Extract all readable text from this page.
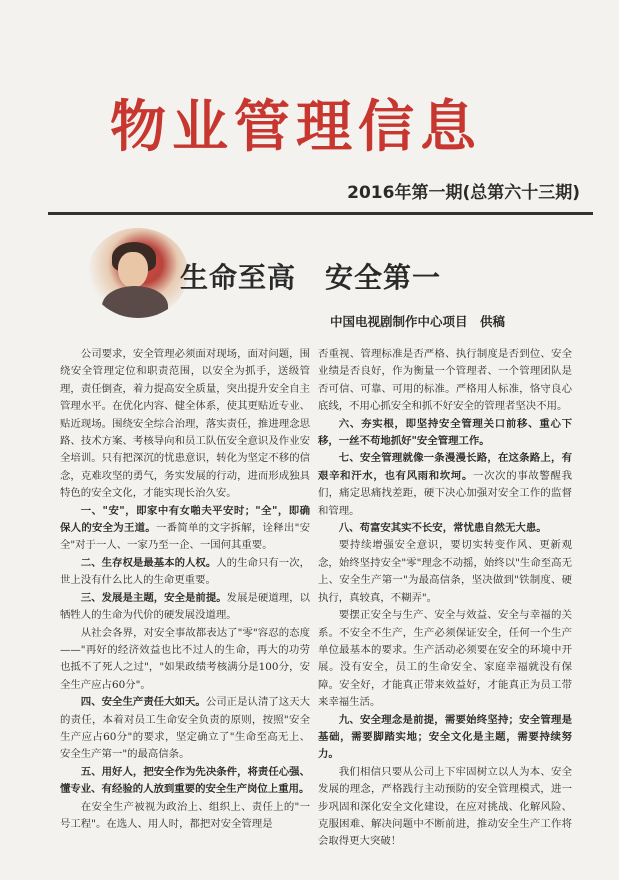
物业管理信息
2016年第一期(总第六十三期)
生命至高　安全第一
中国电视剧制作中心项目　供稿

公司要求，安全管理必须面对现场，面对问题，围绕安全管理定位和职责范围，以安全为抓手，送级管理，责任倒查，着力提高安全质量，突出提升安全自主管理水平。在优化内容、健全体系，使其更贴近专业、贴近现场。围绕安全综合治理，落实责任，推进理念思路、技术方案、考核导向和员工队伍安全意识及作业安全培训。只有把深沉的忧患意识，转化为坚定不移的信念，克难攻坚的勇气，务实发展的行动，进而形成独具特色的安全文化，才能实现长治久安。

一、"安"，即家中有女啪夫平安时；"全"，即确保人的安全为王道。一番简单的文字拆解，诠释出"安全"对于一人、一家乃至一企、一国何其重要。

二、生存权是最基本的人权。人的生命只有一次，世上没有什么比人的生命更重要。

三、发展是主题，安全是前提。发展是硬道理，以牺牲人的生命为代价的硬发展没道理。

从社会各界，对安全事故都表达了"零"容忍的态度——"再好的经济效益也比不过人的生命，再大的功劳也抵不了死人之过"，"如果政绩考核满分是100分，安全生产应占60分"。

四、安全生产责任大如天。公司正是认清了这天大的责任，本着对员工生命安全负责的原则，按照"安全生产应占60分"的要求，坚定确立了"生命至高无上、安全生产第一"的最高信条。

五、用好人，把安全作为先决条件，将责任心强、懂专业、有经验的人放到重要的安全生产岗位上重用。

在安全生产被视为政治上、组织上、责任上的"一号工程"。在选人、用人时，都把对安全管理是

否重视、管理标准是否严格、执行制度是否到位、安全业绩是否良好，作为衡量一个管理者、一个管理团队是否可信、可靠、可用的标准。严格用人标准，恪守良心底线，不用心抓安全和抓不好安全的管理者坚决不用。

六、夯实根，即坚持安全管理关口前移、重心下移，一丝不苟地抓好"安全管理工作。

七、安全管理就像一条漫漫长路，在这条路上，有艰辛和汗水，也有风雨和坎坷。一次次的事故警醒我们，痛定思痛找差距，硬下决心加强对安全工作的监督和管理。

八、苟富安其实不长安，常忧患自然无大患。

要持续增强安全意识，要切实转变作风、更新观念，始终坚持安全"零"理念不动摇，始终以"生命至高无上、安全生产第一"为最高信条，坚决做到"铁制度、硬执行，真较真，不糊弄"。

要摆正安全与生产、安全与效益、安全与幸福的关系。不安全不生产，生产必须保证安全，任何一个生产单位最基本的要求。生产活动必须要在安全的环境中开展。没有安全，员工的生命安全、家庭幸福就没有保障。安全好，才能真正带来效益好，才能真正为员工带来幸福生活。

九、安全理念是前提，需要始终坚持；安全管理是基础，需要脚踏实地；安全文化是主题，需要持续努力。

我们相信只要从公司上下牢固树立以人为本、安全发展的理念，严格践行主动预防的安全管理模式，进一步巩固和深化安全文化建设，在应对挑战、化解风险、克服困难、解决问题中不断前进，推动安全生产工作将会取得更大突破！
